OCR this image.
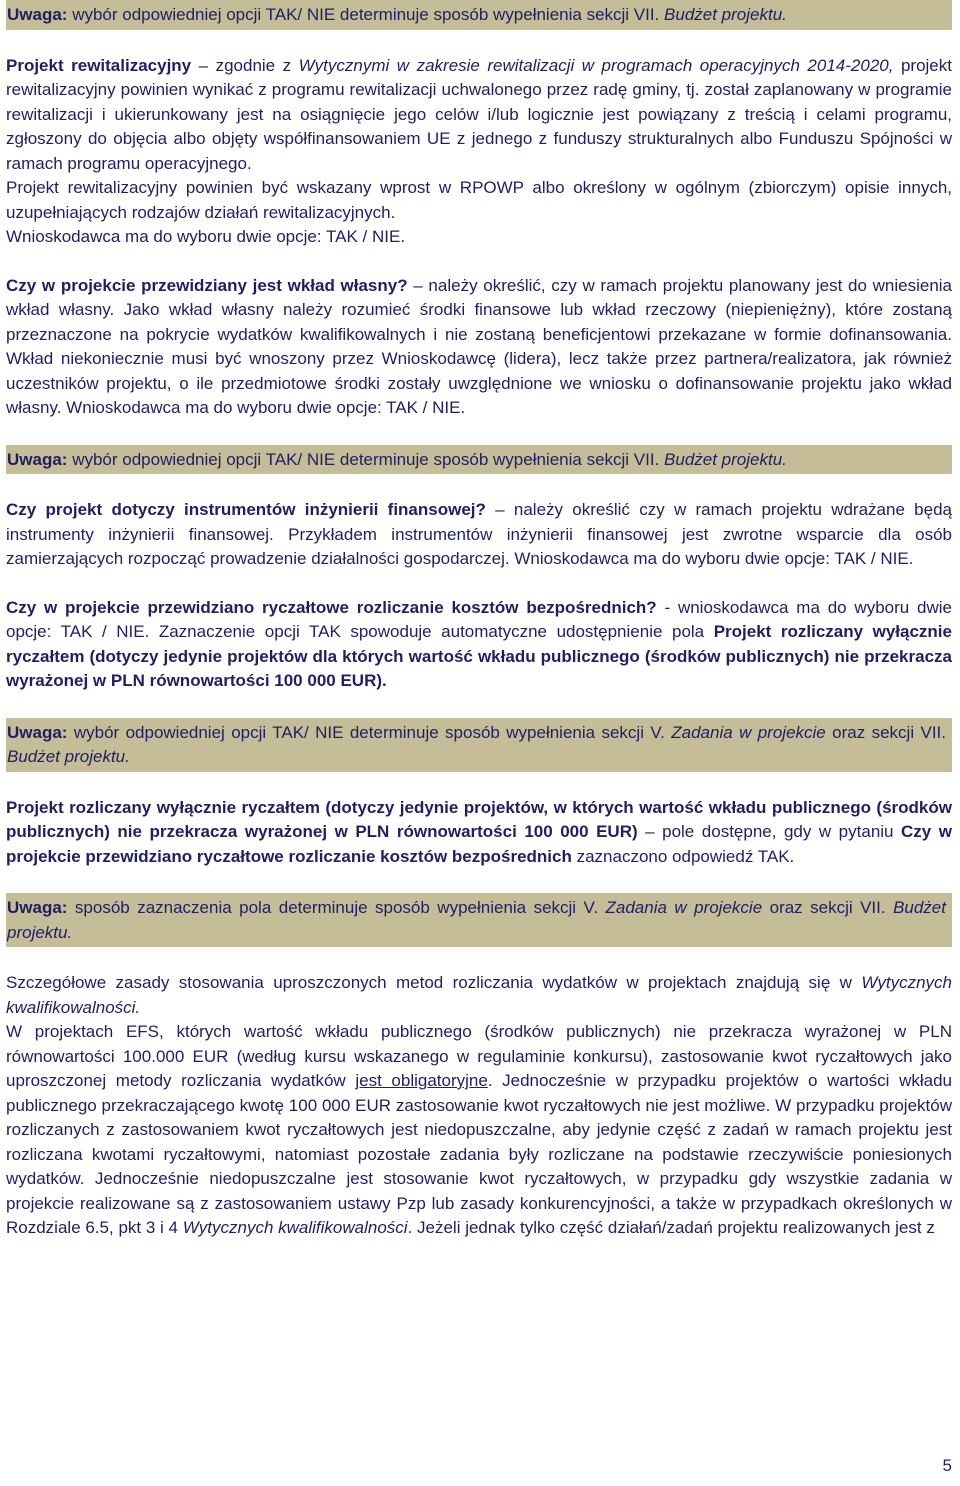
Uwaga: wybór odpowiedniej opcji TAK/ NIE determinuje sposób wypełnienia sekcji VII. Budżet projektu.

Projekt rewitalizacyjny – zgodnie z Wytycznymi w zakresie rewitalizacji w programach operacyjnych 2014-2020, projekt rewitalizacyjny powinien wynikać z programu rewitalizacji uchwalonego przez radę gminy, tj. został zaplanowany w programie rewitalizacji i ukierunkowany jest na osiągnięcie jego celów i/lub logicznie jest powiązany z treścią i celami programu, zgłoszony do objęcia albo objęty współfinansowaniem UE z jednego z funduszy strukturalnych albo Funduszu Spójności w ramach programu operacyjnego.

Projekt rewitalizacyjny powinien być wskazany wprost w RPOWP albo określony w ogólnym (zbiorczym) opisie innych, uzupełniających rodzajów działań rewitalizacyjnych.

Wnioskodawca ma do wyboru dwie opcje: TAK / NIE.

Czy w projekcie przewidziany jest wkład własny? – należy określić, czy w ramach projektu planowany jest do wniesienia wkład własny. Jako wkład własny należy rozumieć środki finansowe lub wkład rzeczowy (niepieniężny), które zostaną przeznaczone na pokrycie wydatków kwalifikowalnych i nie zostaną beneficjentowi przekazane w formie dofinansowania. Wkład niekoniecznie musi być wnoszony przez Wnioskodawcę (lidera), lecz także przez partnera/realizatora, jak również uczestników projektu, o ile przedmiotowe środki zostały uwzględnione we wniosku o dofinansowanie projektu jako wkład własny. Wnioskodawca ma do wyboru dwie opcje: TAK / NIE.

Uwaga: wybór odpowiedniej opcji TAK/ NIE determinuje sposób wypełnienia sekcji VII. Budżet projektu.

Czy projekt dotyczy instrumentów inżynierii finansowej? – należy określić czy w ramach projektu wdrażane będą instrumenty inżynierii finansowej. Przykładem instrumentów inżynierii finansowej jest zwrotne wsparcie dla osób zamierzających rozpocząć prowadzenie działalności gospodarczej. Wnioskodawca ma do wyboru dwie opcje: TAK / NIE.

Czy w projekcie przewidziano ryczałtowe rozliczanie kosztów bezpośrednich? - wnioskodawca ma do wyboru dwie opcje: TAK / NIE. Zaznaczenie opcji TAK spowoduje automatyczne udostępnienie pola Projekt rozliczany wyłącznie ryczałtem (dotyczy jedynie projektów dla których wartość wkładu publicznego (środków publicznych) nie przekracza wyrażonej w PLN równowartości 100 000 EUR).

Uwaga: wybór odpowiedniej opcji TAK/ NIE determinuje sposób wypełnienia sekcji V. Zadania w projekcie oraz sekcji VII. Budżet projektu.

Projekt rozliczany wyłącznie ryczałtem (dotyczy jedynie projektów, w których wartość wkładu publicznego (środków publicznych) nie przekracza wyrażonej w PLN równowartości 100 000 EUR) – pole dostępne, gdy w pytaniu Czy w projekcie przewidziano ryczałtowe rozliczanie kosztów bezpośrednich zaznaczono odpowiedź TAK.

Uwaga: sposób zaznaczenia pola determinuje sposób wypełnienia sekcji V. Zadania w projekcie oraz sekcji VII. Budżet projektu.

Szczegółowe zasady stosowania uproszczonych metod rozliczania wydatków w projektach znajdują się w Wytycznych kwalifikowalności.

W projektach EFS, których wartość wkładu publicznego (środków publicznych) nie przekracza wyrażonej w PLN równowartości 100.000 EUR (według kursu wskazanego w regulaminie konkursu), zastosowanie kwot ryczałtowych jako uproszczonej metody rozliczania wydatków jest obligatoryjne. Jednocześnie w przypadku projektów o wartości wkładu publicznego przekraczającego kwotę 100 000 EUR zastosowanie kwot ryczałtowych nie jest możliwe. W przypadku projektów rozliczanych z zastosowaniem kwot ryczałtowych jest niedopuszczalne, aby jedynie część z zadań w ramach projektu jest rozliczana kwotami ryczałtowymi, natomiast pozostałe zadania były rozliczane na podstawie rzeczywiście poniesionych wydatków. Jednocześnie niedopuszczalne jest stosowanie kwot ryczałtowych, w przypadku gdy wszystkie zadania w projekcie realizowane są z zastosowaniem ustawy Pzp lub zasady konkurencyjności, a także w przypadkach określonych w Rozdziale 6.5, pkt 3 i 4 Wytycznych kwalifikowalności. Jeżeli jednak tylko część działań/zadań projektu realizowanych jest z

5
